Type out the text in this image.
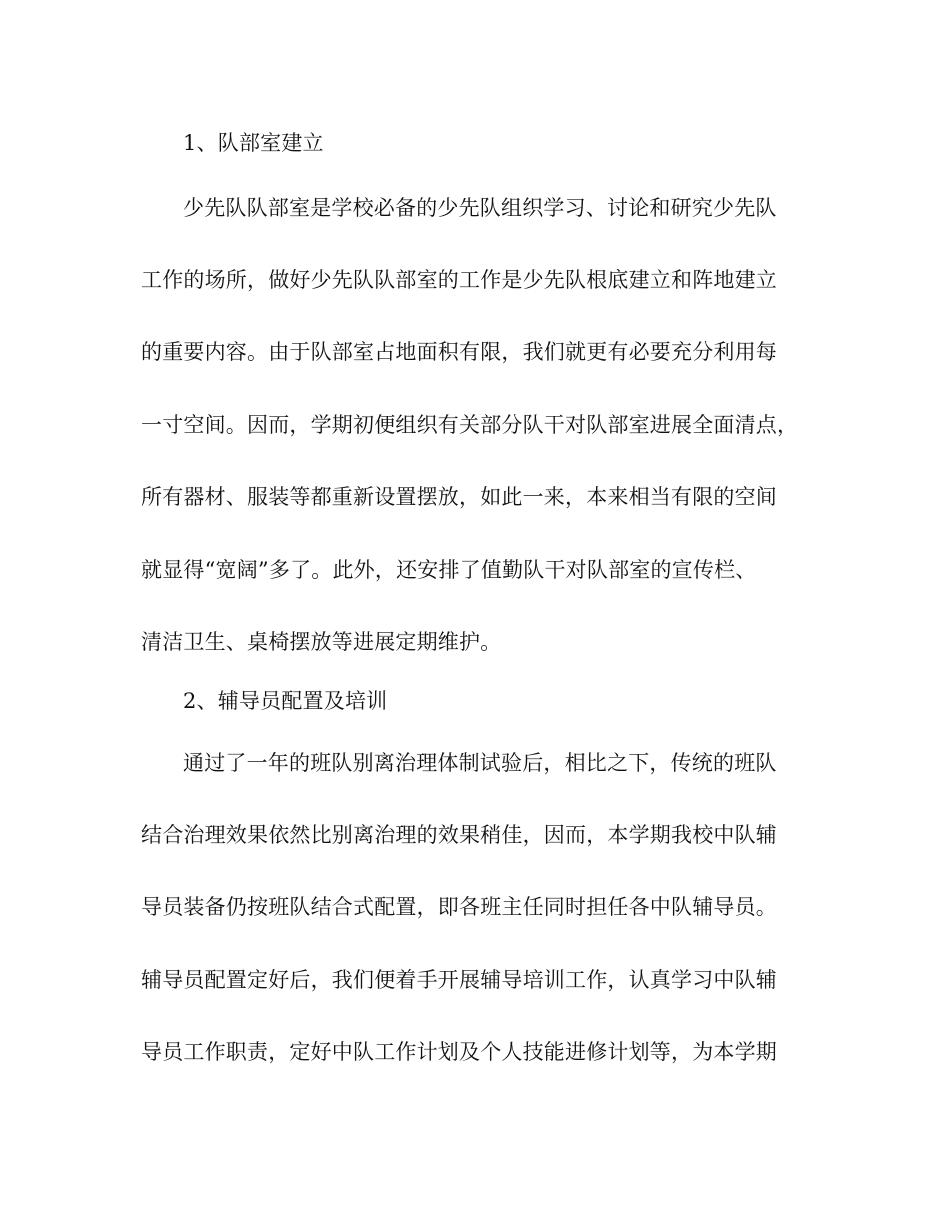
1、队部室建立
少先队队部室是学校必备的少先队组织学习、讨论和研究少先队
工作的场所，做好少先队队部室的工作是少先队根底建立和阵地建立
的重要内容。由于队部室占地面积有限，我们就更有必要充分利用每
一寸空间。因而，学期初便组织有关部分队干对队部室进展全面清点，
所有器材、服装等都重新设置摆放，如此一来，本来相当有限的空间
就显得“宽阔”多了。此外，还安排了值勤队干对队部室的宣传栏、
清洁卫生、桌椅摆放等进展定期维护。
2、辅导员配置及培训
通过了一年的班队别离治理体制试验后，相比之下，传统的班队
结合治理效果依然比别离治理的效果稍佳，因而，本学期我校中队辅
导员装备仍按班队结合式配置，即各班主任同时担任各中队辅导员。
辅导员配置定好后，我们便着手开展辅导培训工作，认真学习中队辅
导员工作职责，定好中队工作计划及个人技能进修计划等，为本学期
